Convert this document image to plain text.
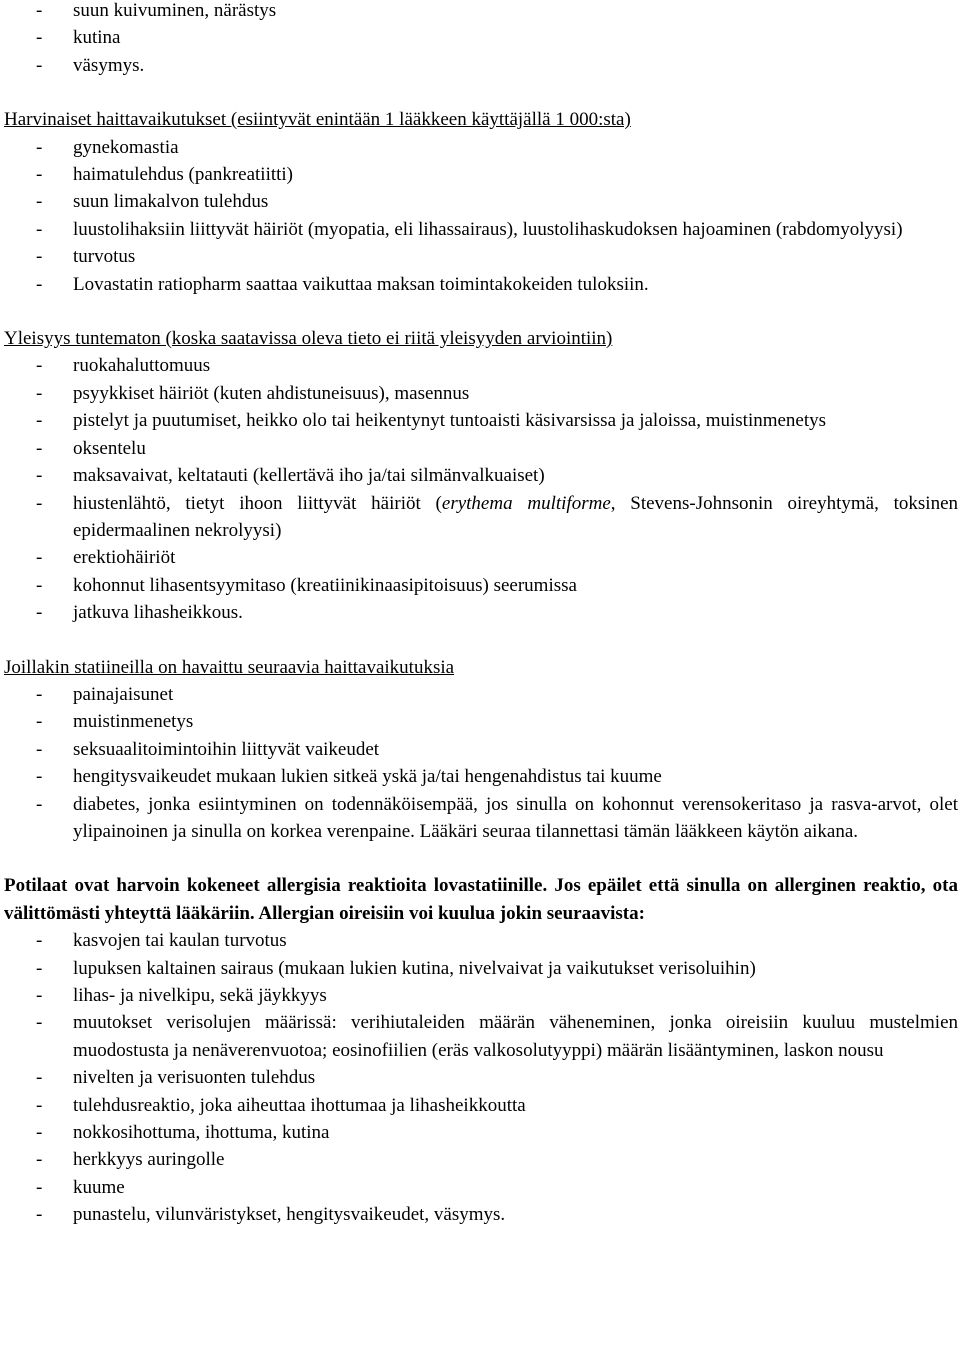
- suun kuivuminen, närästys
- kutina
- väsymys.
Harvinaiset haittavaikutukset (esiintyvät enintään 1 lääkkeen käyttäjällä 1 000:sta)
- gynekomastia
- haimatulehdus (pankreatiitti)
- suun limakalvon tulehdus
- luustolihaksiin liittyvät häiriöt (myopatia, eli lihassairaus), luustolihaskudoksen hajoaminen (rabdomyolyysi)
- turvotus
- Lovastatin ratiopharm saattaa vaikuttaa maksan toimintakokeiden tuloksiin.
Yleisyys tuntematon (koska saatavissa oleva tieto ei riitä yleisyyden arviointiin)
- ruokahaluttomuus
- psyykkiset häiriöt (kuten ahdistuneisuus), masennus
- pistelyt ja puutumiset, heikko olo tai heikentynyt tuntoaisti käsivarsissa ja jaloissa, muistinmenetys
- oksentelu
- maksavaivat, keltatauti (kellertävä iho ja/tai silmänvalkuaiset)
- hiustenlähtö, tietyt ihoon liittyvät häiriöt (erythema multiforme, Stevens-Johnsonin oireyhtymä, toksinen epidermaalinen nekrolyysi)
- erektiohäiriöt
- kohonnut lihasentsyymitaso (kreatiinikinaasipitoisuus) seerumissa
- jatkuva lihasheikkous.
Joillakin statiineilla on havaittu seuraavia haittavaikutuksia
- painajaisunet
- muistinmenetys
- seksuaalitoimintoihin liittyvät vaikeudet
- hengitysvaikeudet mukaan lukien sitkeä yskä ja/tai hengenahdistus tai kuume
- diabetes, jonka esiintyminen on todennäköisempää, jos sinulla on kohonnut verensokeritaso ja rasva-arvot, olet ylipainoinen ja sinulla on korkea verenpaine. Lääkäri seuraa tilannettasi tämän lääkkeen käytön aikana.
Potilaat ovat harvoin kokeneet allergisia reaktioita lovastatiinille. Jos epäilet että sinulla on allerginen reaktio, ota välittömästi yhteyttä lääkäriin. Allergian oireisiin voi kuulua jokin seuraavista:
- kasvojen tai kaulan turvotus
- lupuksen kaltainen sairaus (mukaan lukien kutina, nivelvaivat ja vaikutukset verisoluihin)
- lihas- ja nivelkipu, sekä jäykkyys
- muutokset verisolujen määrissä: verihiutaleiden määrän väheneminen, jonka oireisiin kuuluu mustelmien muodostusta ja nenäverenvuotoa; eosinofiilien (eräs valkosolutyyppi) määrän lisääntyminen, laskon nousu
- nivelten ja verisuonten tulehdus
- tulehdusreaktio, joka aiheuttaa ihottumaa ja lihasheikkoutta
- nokkosihottuma, ihottuma, kutina
- herkkyys auringolle
- kuume
- punastelu, vilunväristykset, hengitysvaikeudet, väsymys.
